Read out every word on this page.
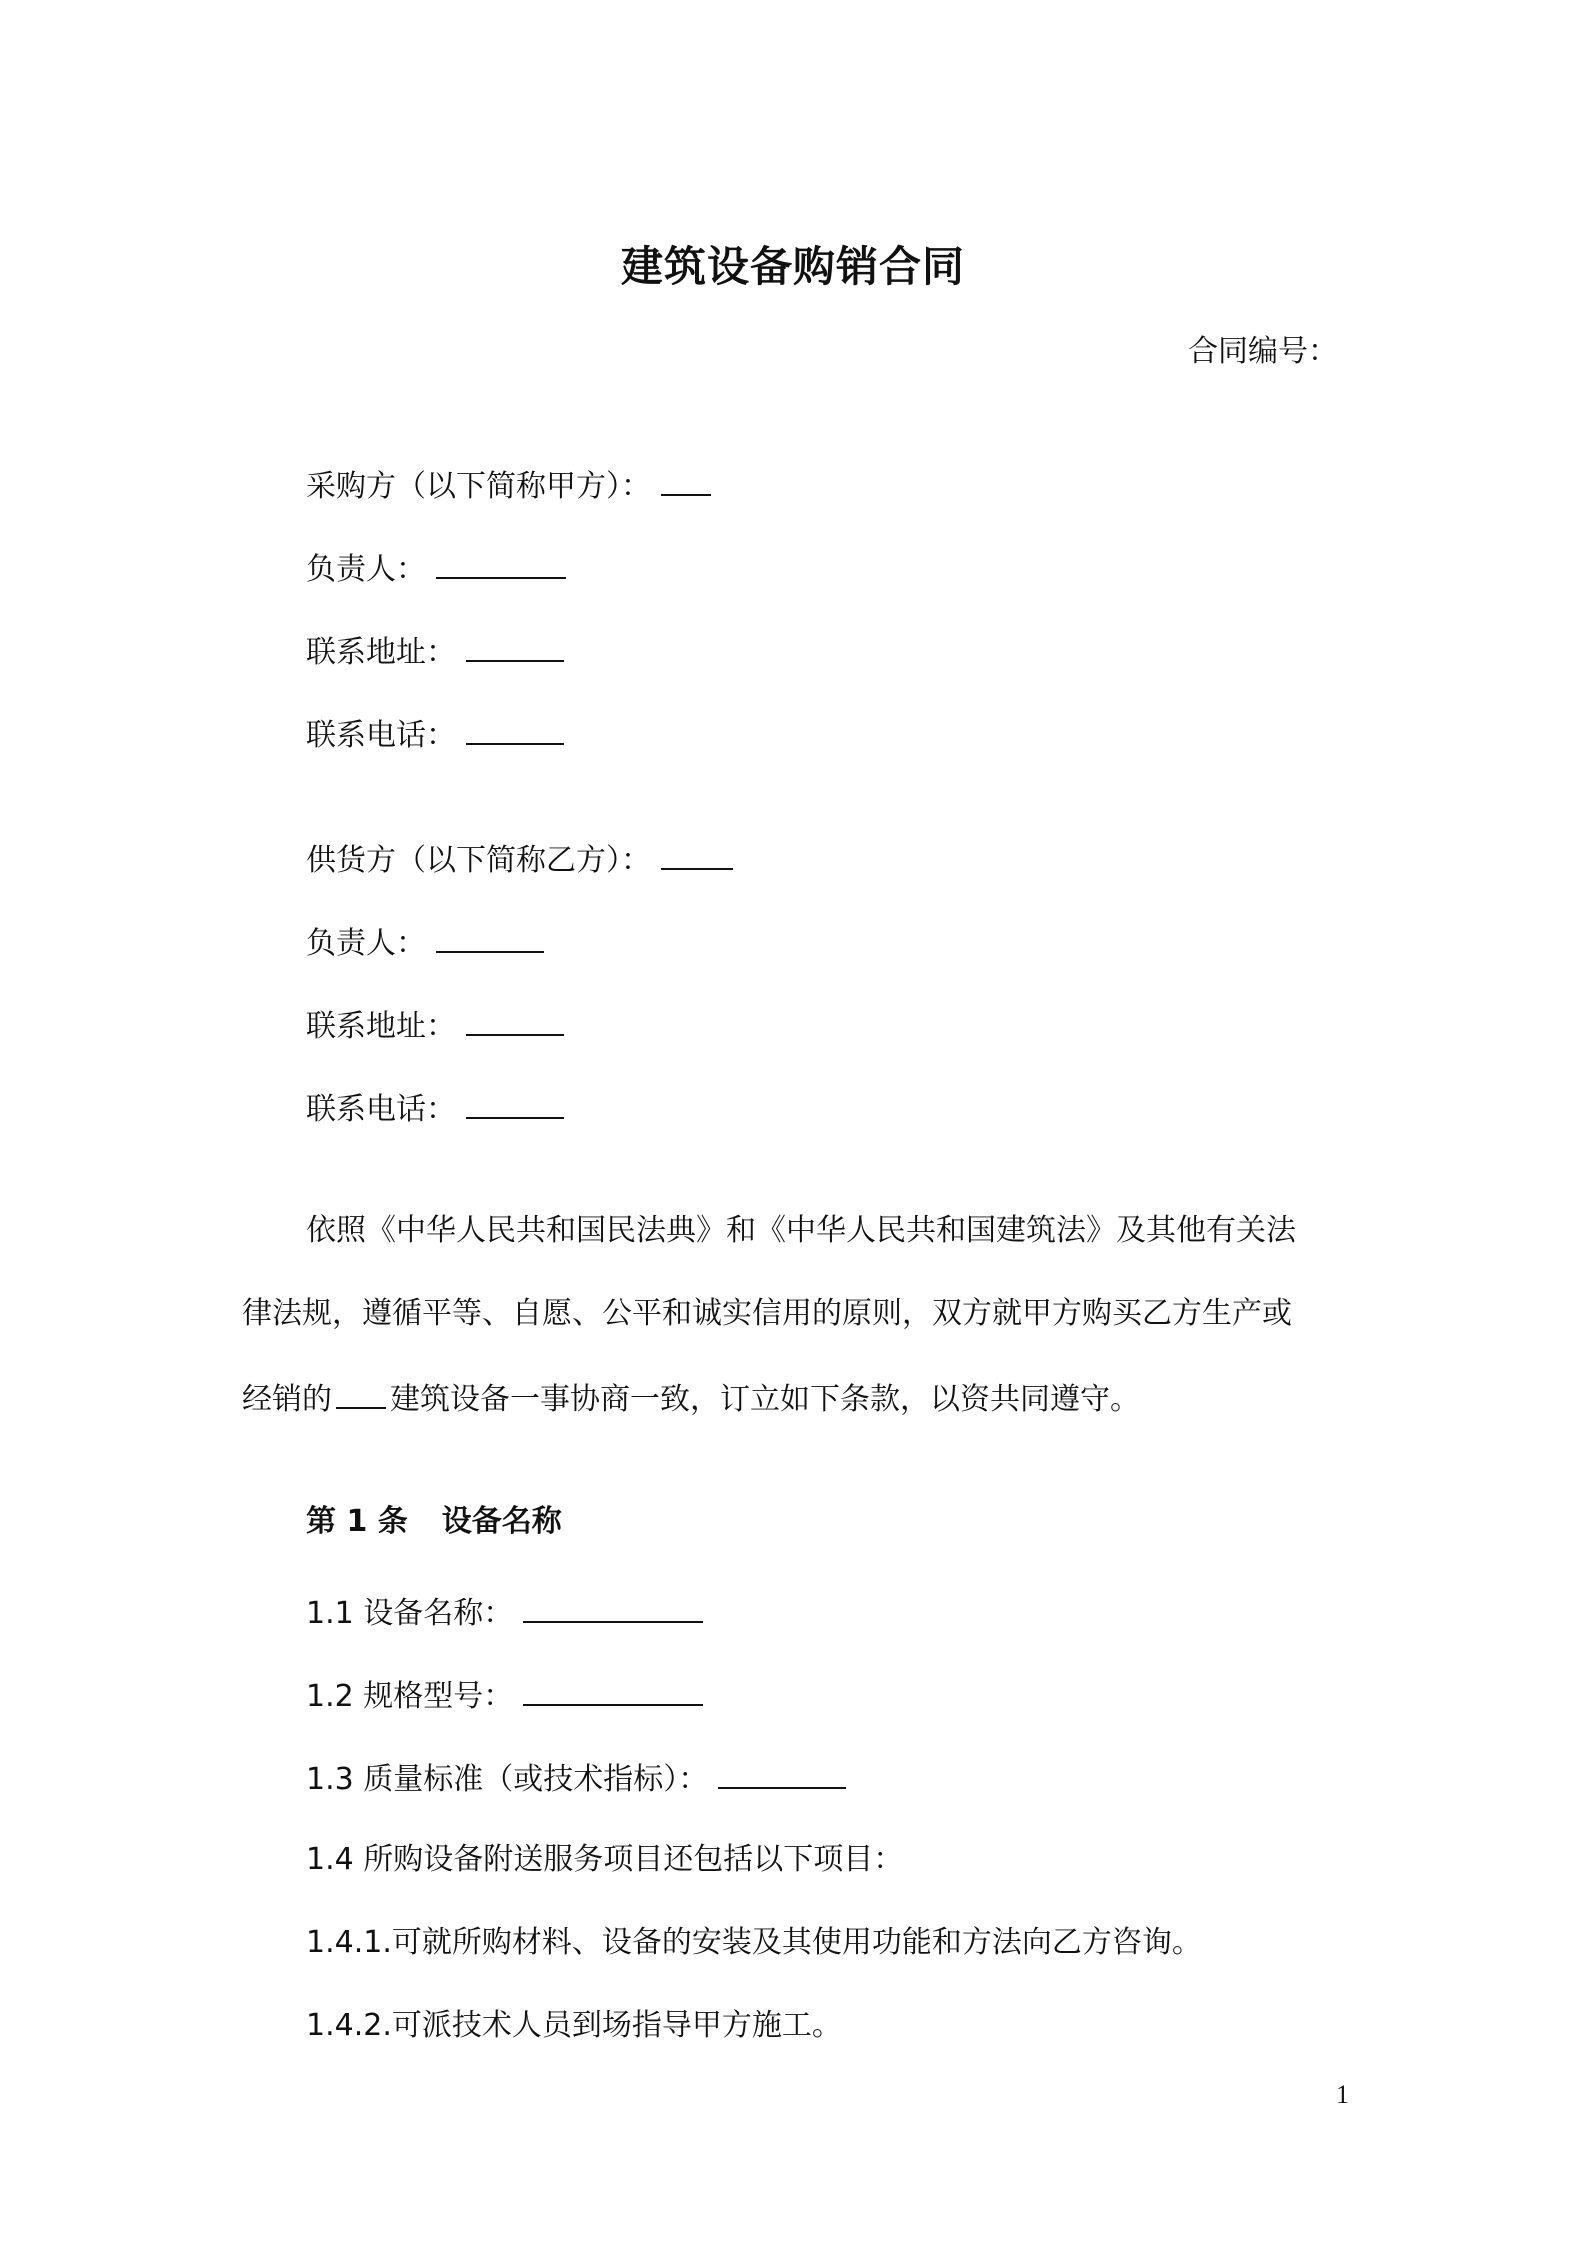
建筑设备购销合同
合同编号：
采购方（以下简称甲方）：
负责人：
联系地址：
联系电话：
供货方（以下简称乙方）：
负责人：
联系地址：
联系电话：
依照《中华人民共和国民法典》和《中华人民共和国建筑法》及其他有关法
律法规，遵循平等、自愿、公平和诚实信用的原则，双方就甲方购买乙方生产或
经销的 建筑设备一事协商一致，订立如下条款，以资共同遵守。
第 1 条 设备名称
1.1 设备名称：
1.2 规格型号：
1.3 质量标准（或技术指标）：
1.4 所购设备附送服务项目还包括以下项目：
1.4.1.可就所购材料、设备的安装及其使用功能和方法向乙方咨询。
1.4.2.可派技术人员到场指导甲方施工。
1
